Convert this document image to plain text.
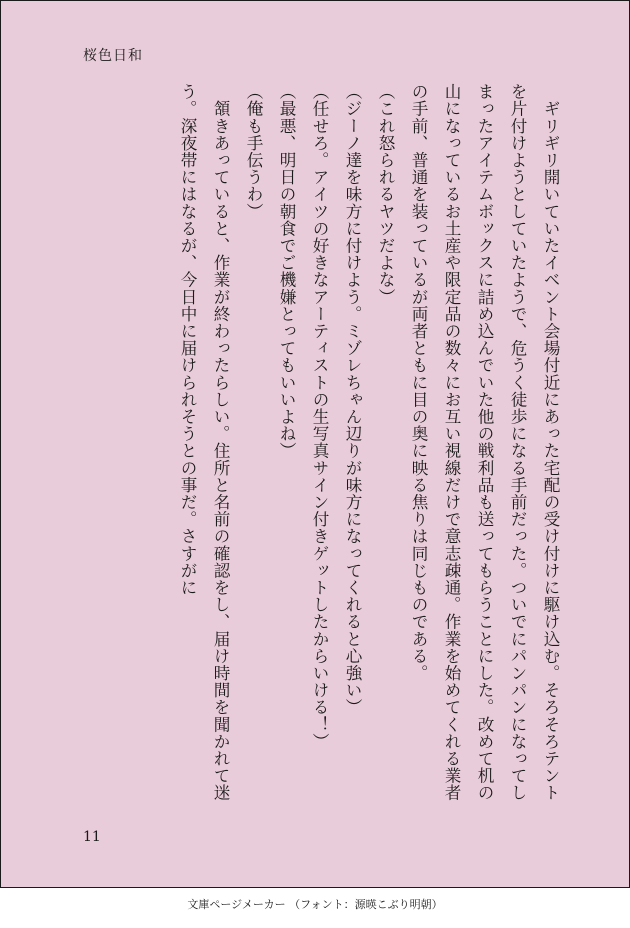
桜色日和

　ギリギリ開いていたイベント会場付近にあった宅配の受け付けに駆け込む。そろそろテントを片付けようとしていたようで、危うく徒歩になる手前だった。ついでにパンパンになってしまったアイテムボックスに詰め込んでいた他の戦利品も送ってもらうことにした。改めて机の山になっているお土産や限定品の数々にお互い視線だけで意志疎通。作業を始めてくれる業者の手前、普通を装っているが両者ともに目の奥に映る焦りは同じものである。

（これ怒られるヤツだよな）

（ジーノ達を味方に付けよう。ミゾレちゃん辺りが味方になってくれると心強い）

（任せろ。アイツの好きなアーティストの生写真サイン付きゲットしたからいける！）

（最悪、明日の朝食でご機嫌とってもいいよね）

（俺も手伝うわ）

　頷きあっていると、作業が終わったらしい。住所と名前の確認をし、届け時間を聞かれて迷う。深夜帯にはなるが、今日中に届けられそうとの事だ。さすがに

11
文庫ページメーカー （フォント：源暎こぶり明朝）
